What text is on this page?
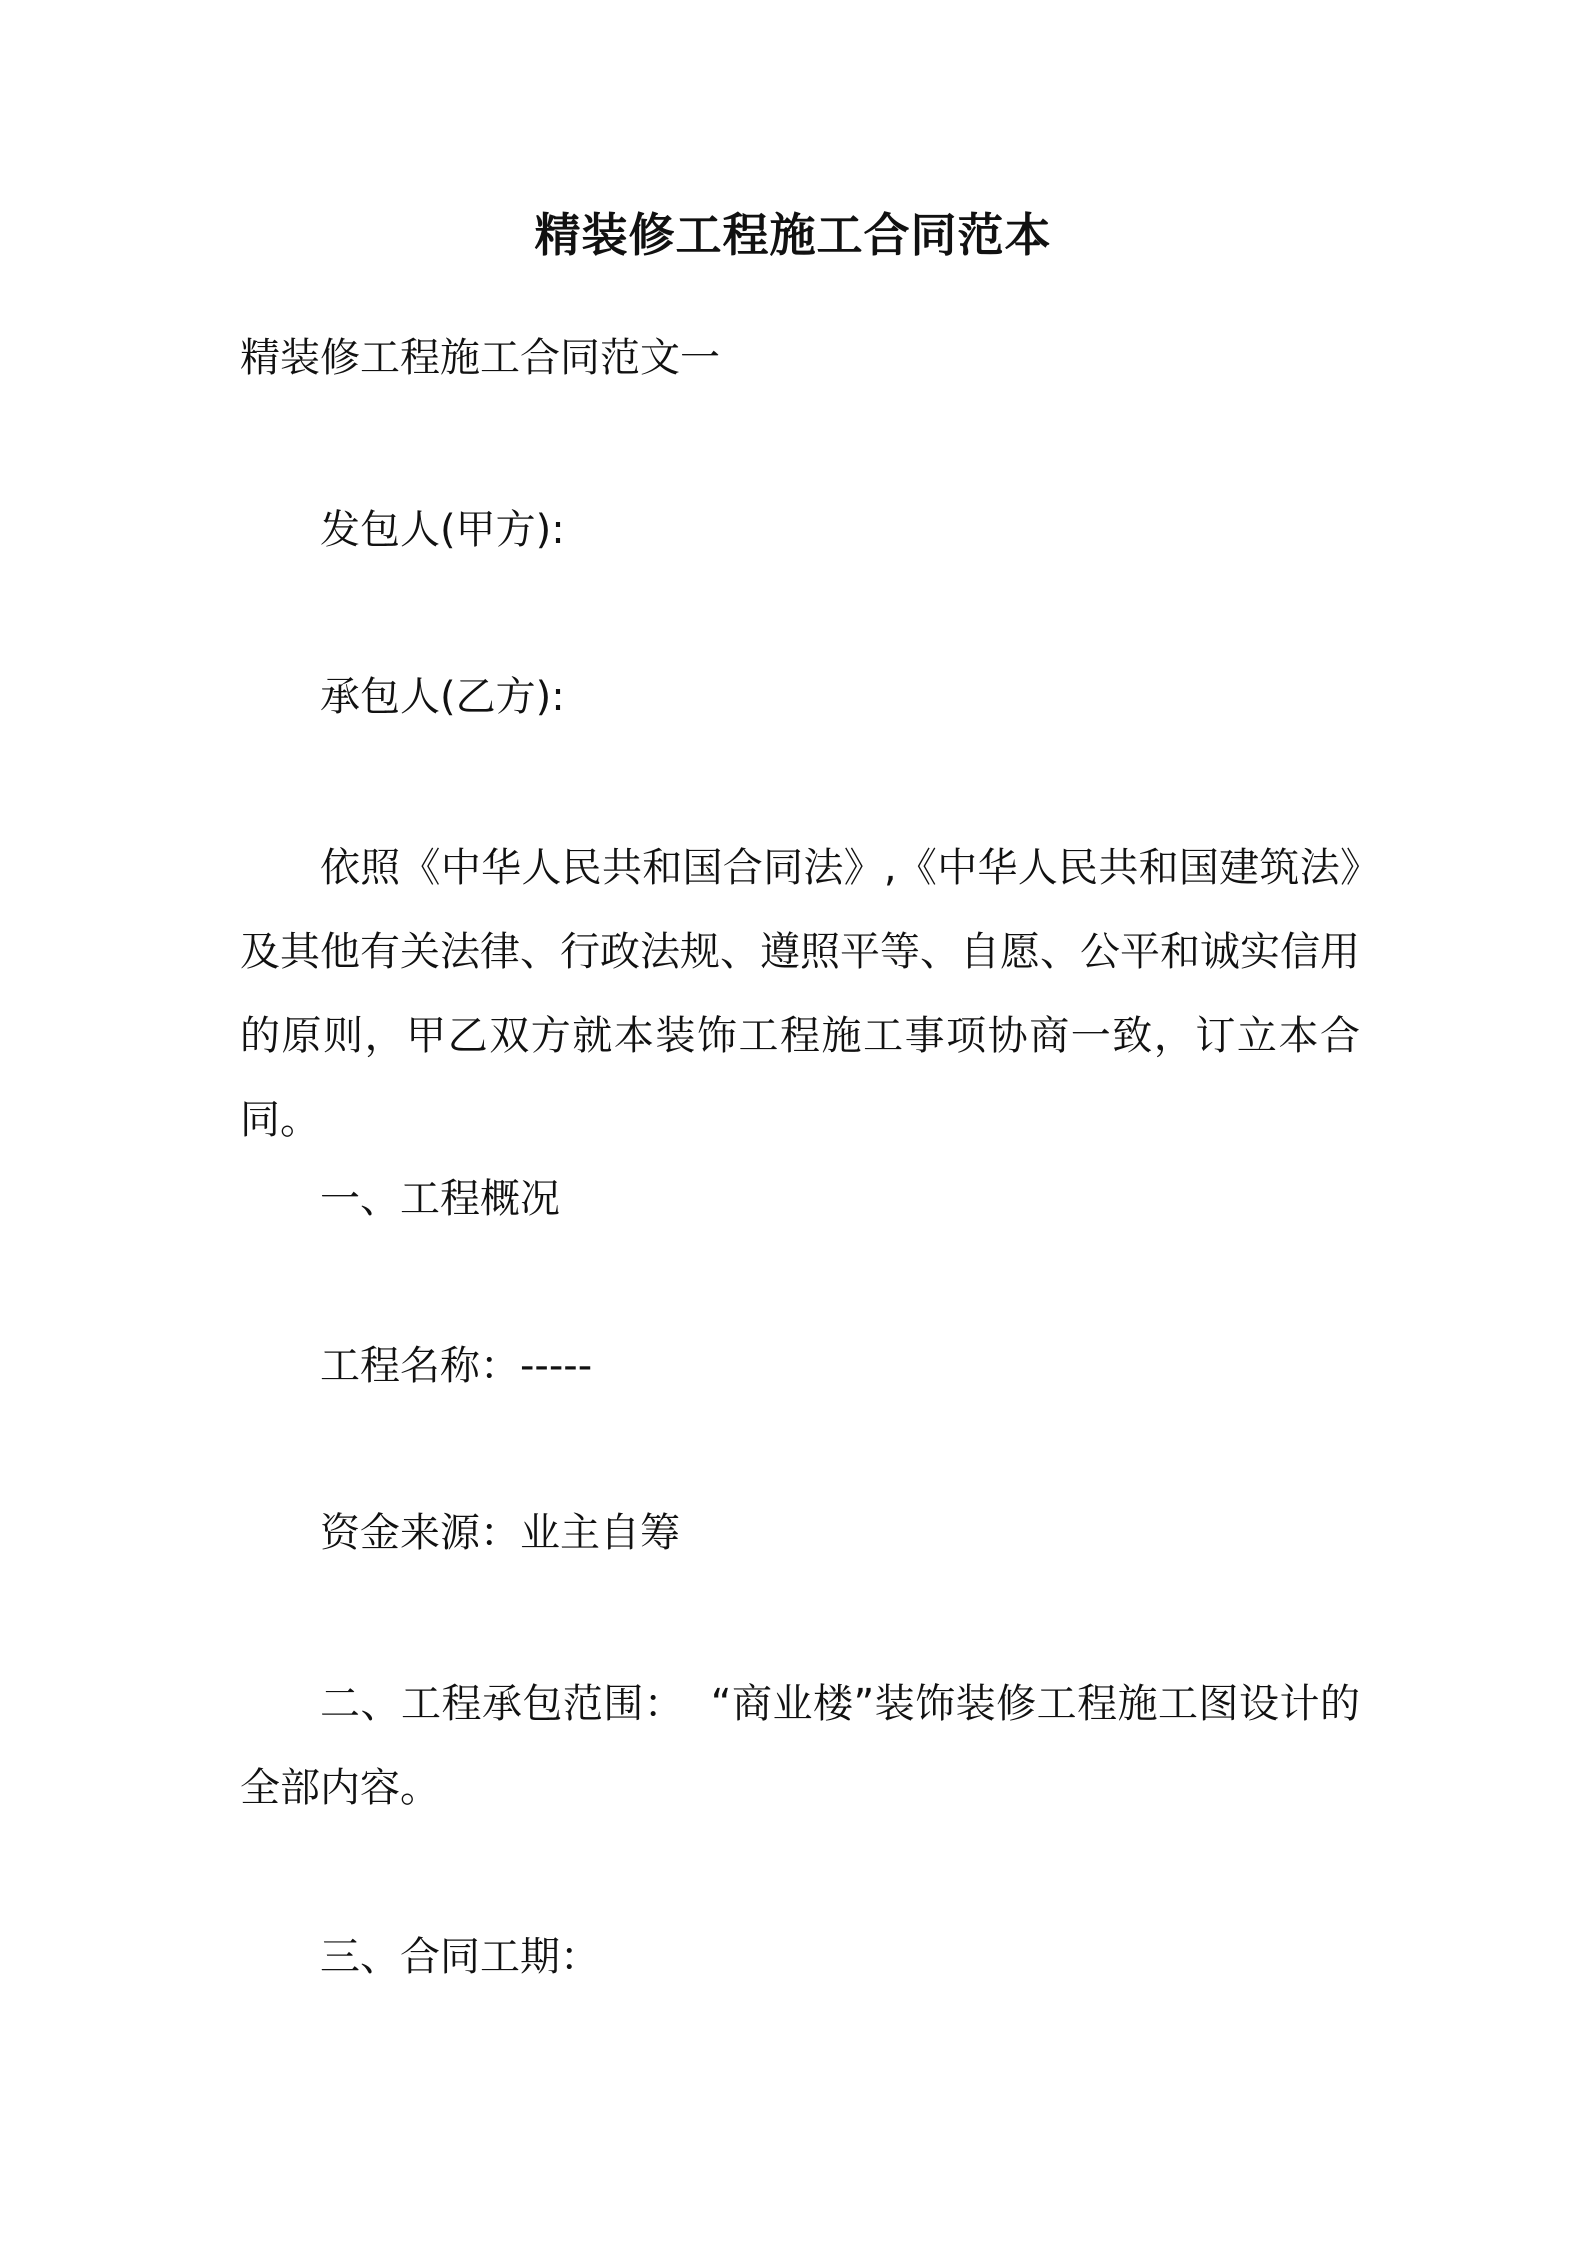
精装修工程施工合同范本

精装修工程施工合同范文一

发包人(甲方):

承包人(乙方):

依照《中华人民共和国合同法》,《中华人民共和国建筑法》及其他有关法律、行政法规、遵照平等、自愿、公平和诚实信用的原则，甲乙双方就本装饰工程施工事项协商一致，订立本合同。

一、工程概况

工程名称：-----

资金来源：业主自筹

二、工程承包范围：  “商业楼”装饰装修工程施工图设计的全部内容。

三、合同工期：
